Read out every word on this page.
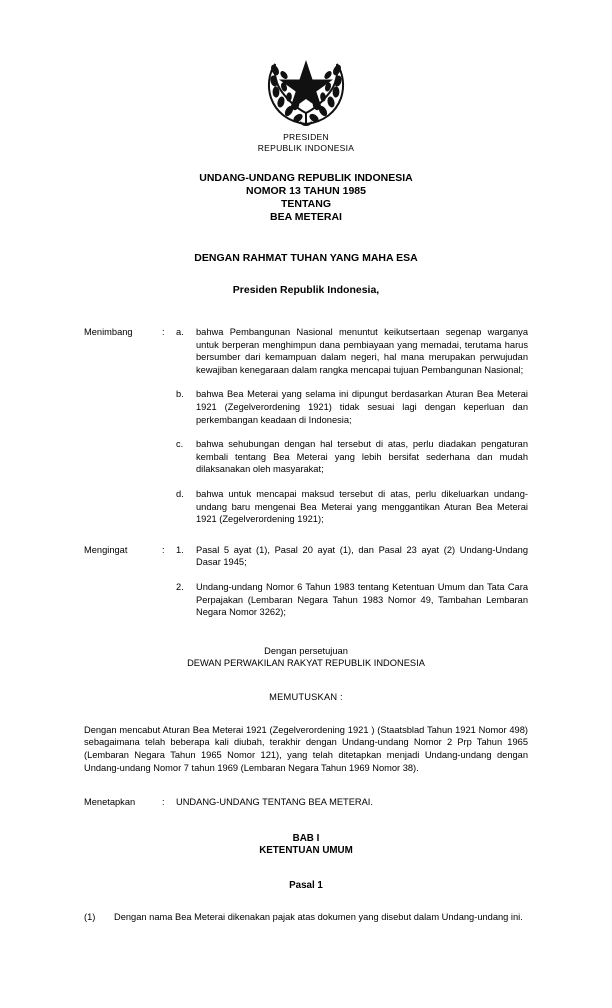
PRESIDEN
REPUBLIK INDONESIA
UNDANG-UNDANG REPUBLIK INDONESIA
NOMOR 13 TAHUN 1985
TENTANG
BEA METERAI
DENGAN RAHMAT TUHAN YANG MAHA ESA
Presiden Republik Indonesia,
Menimbang	:	a.	bahwa Pembangunan Nasional menuntut keikutsertaan segenap warganya untuk berperan menghimpun dana pembiayaan yang memadai, terutama harus bersumber dari kemampuan dalam negeri, hal mana merupakan perwujudan kewajiban kenegaraan dalam rangka mencapai tujuan Pembangunan Nasional;
b.	bahwa Bea Meterai yang selama ini dipungut berdasarkan Aturan Bea Meterai 1921 (Zegelverordening 1921) tidak sesuai lagi dengan keperluan dan perkembangan keadaan di Indonesia;
c.	bahwa sehubungan dengan hal tersebut di atas, perlu diadakan pengaturan kembali tentang Bea Meterai yang lebih bersifat sederhana dan mudah dilaksanakan oleh masyarakat;
d.	bahwa untuk mencapai maksud tersebut di atas, perlu dikeluarkan undang-undang baru mengenai Bea Meterai yang menggantikan Aturan Bea Meterai 1921 (Zegelverordening 1921);
Mengingat	:	1.	Pasal 5 ayat (1), Pasal 20 ayat (1), dan Pasal 23 ayat (2) Undang-Undang Dasar 1945;
2.	Undang-undang Nomor 6 Tahun 1983 tentang Ketentuan Umum dan Tata Cara Perpajakan (Lembaran Negara Tahun 1983 Nomor 49, Tambahan Lembaran Negara Nomor 3262);
Dengan persetujuan
DEWAN PERWAKILAN RAKYAT REPUBLIK INDONESIA
MEMUTUSKAN :
Dengan mencabut Aturan Bea Meterai 1921 (Zegelverordening 1921 ) (Staatsblad Tahun 1921 Nomor 498) sebagaimana telah beberapa kali diubah, terakhir dengan Undang-undang Nomor 2 Prp Tahun 1965 (Lembaran Negara Tahun 1965 Nomor 121), yang telah ditetapkan menjadi Undang-undang dengan Undang-undang Nomor 7 tahun 1969 (Lembaran Negara Tahun 1969 Nomor 38).
Menetapkan	:	UNDANG-UNDANG TENTANG BEA METERAI.
BAB I
KETENTUAN UMUM
Pasal 1
(1)	Dengan nama Bea Meterai dikenakan pajak atas dokumen yang disebut dalam Undang-undang ini.
